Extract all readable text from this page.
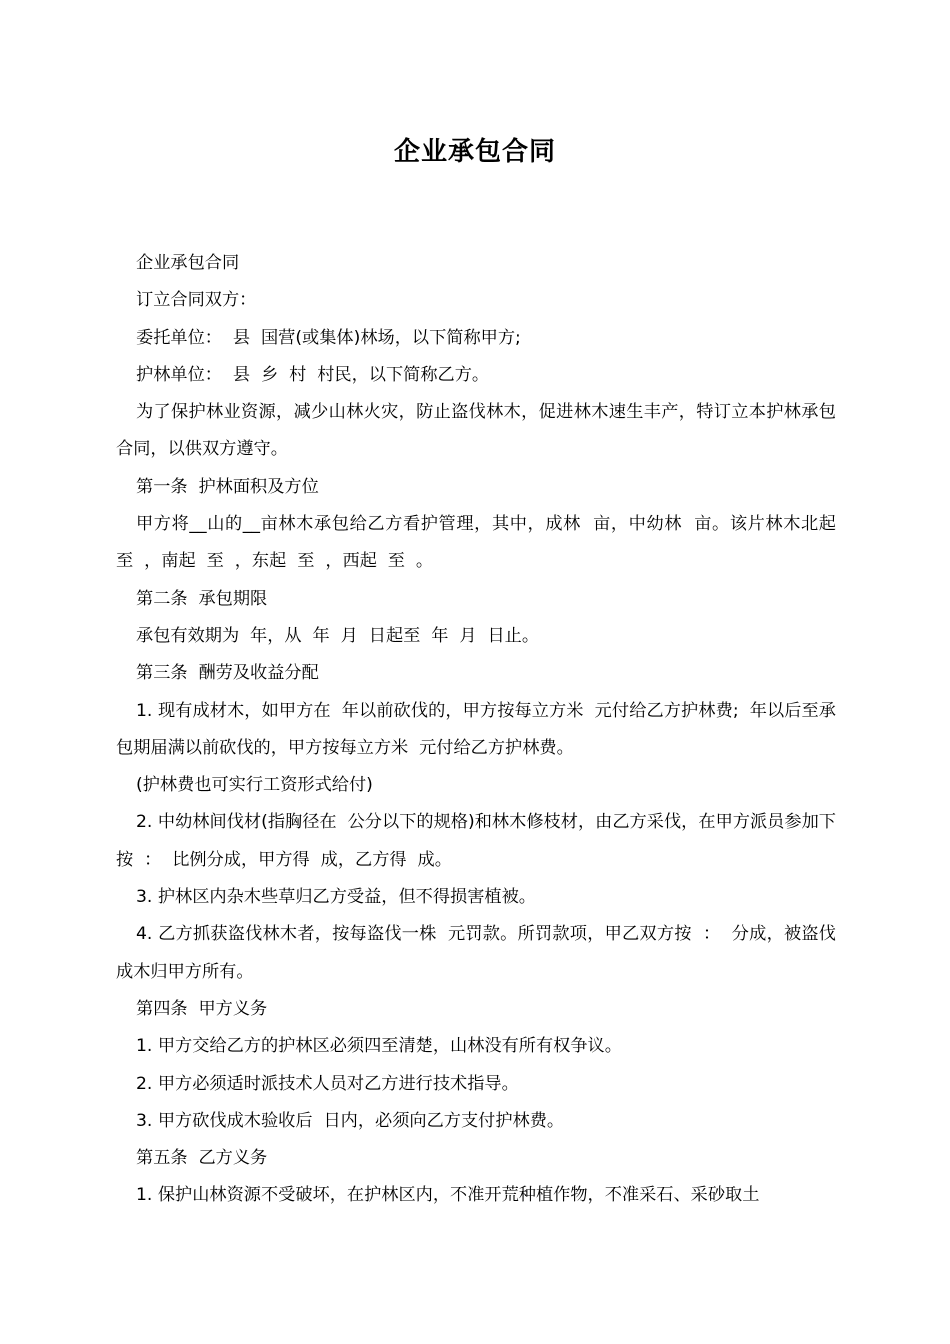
企业承包合同

企业承包合同

订立合同双方：

委托单位：  县  国营(或集体)林场，以下简称甲方;

护林单位：  县  乡  村  村民，以下简称乙方。

为了保护林业资源，减少山林火灾，防止盗伐林木，促进林木速生丰产，特订立本护林承包合同，以供双方遵守。

第一条  护林面积及方位

甲方将__山的__亩林木承包给乙方看护管理，其中，成林  亩，中幼林  亩。该片林木北起  至  ，南起  至  ，东起  至  ，西起  至  。

第二条  承包期限

承包有效期为  年，从  年  月  日起至  年  月  日止。

第三条  酬劳及收益分配

1. 现有成材木，如甲方在  年以前砍伐的，甲方按每立方米  元付给乙方护林费;  年以后至承包期届满以前砍伐的，甲方按每立方米  元付给乙方护林费。

(护林费也可实行工资形式给付)

2. 中幼林间伐材(指胸径在  公分以下的规格)和林木修枝材，由乙方采伐，在甲方派员参加下按  ：  比例分成，甲方得  成，乙方得  成。

3. 护林区内杂木些草归乙方受益，但不得损害植被。

4. 乙方抓获盗伐林木者，按每盗伐一株  元罚款。所罚款项，甲乙双方按  ：  分成，被盗伐成木归甲方所有。

第四条  甲方义务

1. 甲方交给乙方的护林区必须四至清楚，山林没有所有权争议。

2. 甲方必须适时派技术人员对乙方进行技术指导。

3. 甲方砍伐成木验收后  日内，必须向乙方支付护林费。

第五条  乙方义务

1. 保护山林资源不受破坏，在护林区内，不准开荒种植作物，不准采石、采砂取土
